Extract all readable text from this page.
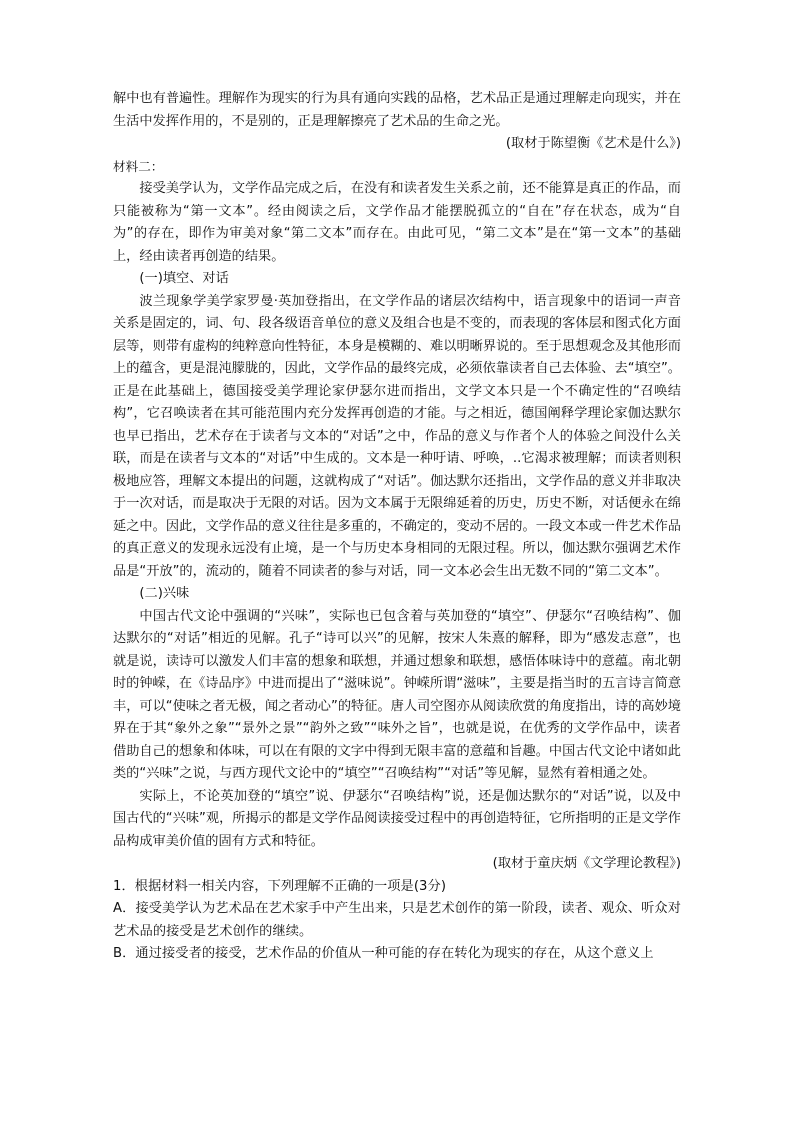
解中也有普遍性。理解作为现实的行为具有通向实践的品格，艺术品正是通过理解走向现实，并在生活中发挥作用的，不是别的，正是理解擦亮了艺术品的生命之光。

(取材于陈望衡《艺术是什么》)

材料二：

接受美学认为，文学作品完成之后，在没有和读者发生关系之前，还不能算是真正的作品，而只能被称为“第一文本”。经由阅读之后，文学作品才能摆脱孤立的“自在”存在状态，成为“自为”的存在，即作为审美对象“第二文本”而存在。由此可见，“第二文本”是在“第一文本”的基础上，经由读者再创造的结果。

(一)填空、对话

波兰现象学美学家罗曼·英加登指出，在文学作品的诸层次结构中，语言现象中的语词一声音关系是固定的，词、句、段各级语音单位的意义及组合也是不变的，而表现的客体层和图式化方面层等，则带有虚构的纯粹意向性特征，本身是模糊的、难以明晰界说的。至于思想观念及其他形而上的蕴含，更是混沌朦胧的，因此，文学作品的最终完成，必须依靠读者自己去体验、去“填空”。正是在此基础上，德国接受美学理论家伊瑟尔进而指出，文学文本只是一个不确定性的“召唤结构”，它召唤读者在其可能范围内充分发挥再创造的才能。与之相近，德国阐释学理论家伽达默尔也早已指出，艺术存在于读者与文本的“对话”之中，作品的意义与作者个人的体验之间没什么关联，而是在读者与文本的“对话”中生成的。文本是一种吁请、呼唤，..它渴求被理解；而读者则积极地应答，理解文本提出的问题，这就构成了“对话”。伽达默尔还指出，文学作品的意义并非取决于一次对话，而是取决于无限的对话。因为文本属于无限绵延着的历史，历史不断，对话便永在绵延之中。因此，文学作品的意义往往是多重的，不确定的，变动不居的。一段文本或一件艺术作品的真正意义的发现永远没有止境，是一个与历史本身相同的无限过程。所以，伽达默尔强调艺术作品是“开放”的，流动的，随着不同读者的参与对话，同一文本必会生出无数不同的“第二文本”。

(二)兴味

中国古代文论中强调的“兴味”，实际也已包含着与英加登的“填空”、伊瑟尔“召唤结构”、伽达默尔的“对话”相近的见解。孔子“诗可以兴”的见解，按宋人朱熹的解释，即为“感发志意”，也就是说，读诗可以激发人们丰富的想象和联想，并通过想象和联想，感悟体味诗中的意蕴。南北朝时的钟嵘，在《诗品序》中进而提出了“滋味说”。钟嵘所谓“滋味”，主要是指当时的五言诗言简意丰，可以“使味之者无极，闻之者动心”的特征。唐人司空图亦从阅读欣赏的角度指出，诗的高妙境界在于其“象外之象”“景外之景”“韵外之致”“味外之旨”，也就是说，在优秀的文学作品中，读者借助自己的想象和体味，可以在有限的文字中得到无限丰富的意蕴和旨趣。中国古代文论中诸如此类的“兴味”之说，与西方现代文论中的“填空”“召唤结构”“对话”等见解，显然有着相通之处。

实际上，不论英加登的“填空”说、伊瑟尔“召唤结构”说，还是伽达默尔的“对话”说，以及中国古代的“兴味”观，所揭示的都是文学作品阅读接受过程中的再创造特征，它所指明的正是文学作品构成审美价值的固有方式和特征。

(取材于童庆炳《文学理论教程》)

1．根据材料一相关内容，下列理解不正确的一项是(3分)

A．接受美学认为艺术品在艺术家手中产生出来，只是艺术创作的第一阶段，读者、观众、听众对艺术品的接受是艺术创作的继续。

B．通过接受者的接受，艺术作品的价值从一种可能的存在转化为现实的存在，从这个意义上
